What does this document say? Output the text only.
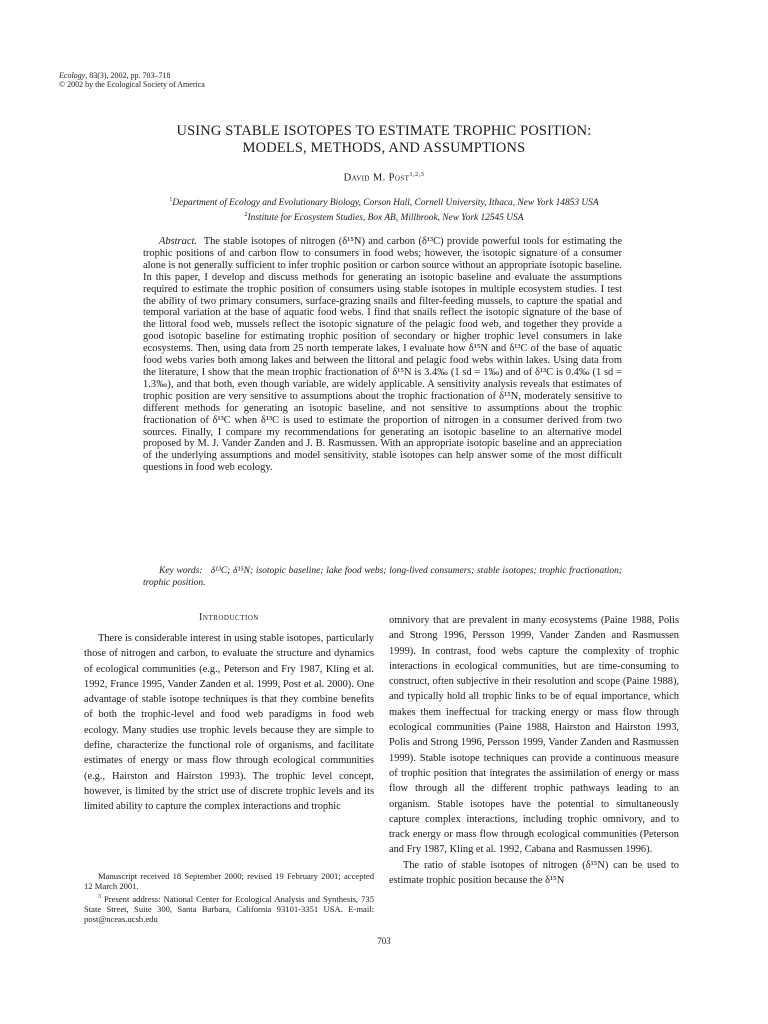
Ecology, 83(3), 2002, pp. 703–718
© 2002 by the Ecological Society of America
USING STABLE ISOTOPES TO ESTIMATE TROPHIC POSITION:
MODELS, METHODS, AND ASSUMPTIONS
David M. Post$^{1,2,3}$
$^1$Department of Ecology and Evolutionary Biology, Corson Hall, Cornell University, Ithaca, New York 14853 USA
$^2$Institute for Ecosystem Studies, Box AB, Millbrook, New York 12545 USA

Abstract. The stable isotopes of nitrogen (δ¹⁵N) and carbon (δ¹³C) provide powerful tools for estimating the trophic positions of and carbon flow to consumers in food webs; however, the isotopic signature of a consumer alone is not generally sufficient to infer trophic position or carbon source without an appropriate isotopic baseline. In this paper, I develop and discuss methods for generating an isotopic baseline and evaluate the assumptions required to estimate the trophic position of consumers using stable isotopes in multiple ecosystem studies. I test the ability of two primary consumers, surface-grazing snails and filter-feeding mussels, to capture the spatial and temporal variation at the base of aquatic food webs. I find that snails reflect the isotopic signature of the base of the littoral food web, mussels reflect the isotopic signature of the pelagic food web, and together they provide a good isotopic baseline for estimating trophic position of secondary or higher trophic level consumers in lake ecosystems. Then, using data from 25 north temperate lakes, I evaluate how δ¹⁵N and δ¹³C of the base of aquatic food webs varies both among lakes and between the littoral and pelagic food webs within lakes. Using data from the literature, I show that the mean trophic fractionation of δ¹⁵N is 3.4‰ (1 sd = 1‰) and of δ¹³C is 0.4‰ (1 sd = 1.3‰), and that both, even though variable, are widely applicable. A sensitivity analysis reveals that estimates of trophic position are very sensitive to assumptions about the trophic fractionation of δ¹⁵N, moderately sensitive to different methods for generating an isotopic baseline, and not sensitive to assumptions about the trophic fractionation of δ¹³C when δ¹³C is used to estimate the proportion of nitrogen in a consumer derived from two sources. Finally, I compare my recommendations for generating an isotopic baseline to an alternative model proposed by M. J. Vander Zanden and J. B. Rasmussen. With an appropriate isotopic baseline and an appreciation of the underlying assumptions and model sensitivity, stable isotopes can help answer some of the most difficult questions in food web ecology.

Key words: δ¹³C; δ¹⁵N; isotopic baseline; lake food webs; long-lived consumers; stable isotopes; trophic fractionation; trophic position.

Introduction

There is considerable interest in using stable isotopes, particularly those of nitrogen and carbon, to evaluate the structure and dynamics of ecological communities (e.g., Peterson and Fry 1987, Kling et al. 1992, France 1995, Vander Zanden et al. 1999, Post et al. 2000). One advantage of stable isotope techniques is that they combine benefits of both the trophic-level and food web paradigms in food web ecology. Many studies use trophic levels because they are simple to define, characterize the functional role of organisms, and facilitate estimates of energy or mass flow through ecological communities (e.g., Hairston and Hairston 1993). The trophic level concept, however, is limited by the strict use of discrete trophic levels and its limited ability to capture the complex interactions and trophic

Manuscript received 18 September 2000; revised 19 February 2001; accepted 12 March 2001.

$^3$ Present address: National Center for Ecological Analysis and Synthesis, 735 State Street, Suite 300, Santa Barbara, California 93101-3351 USA. E-mail: post@nceas.ucsb.edu

omnivory that are prevalent in many ecosystems (Paine 1988, Polis and Strong 1996, Persson 1999, Vander Zanden and Rasmussen 1999). In contrast, food webs capture the complexity of trophic interactions in ecological communities, but are time-consuming to construct, often subjective in their resolution and scope (Paine 1988), and typically hold all trophic links to be of equal importance, which makes them ineffectual for tracking energy or mass flow through ecological communities (Paine 1988, Hairston and Hairston 1993, Polis and Strong 1996, Persson 1999, Vander Zanden and Rasmussen 1999). Stable isotope techniques can provide a continuous measure of trophic position that integrates the assimilation of energy or mass flow through all the different trophic pathways leading to an organism. Stable isotopes have the potential to simultaneously capture complex interactions, including trophic omnivory, and to track energy or mass flow through ecological communities (Peterson and Fry 1987, Kling et al. 1992, Cabana and Rasmussen 1996).

The ratio of stable isotopes of nitrogen (δ¹⁵N) can be used to estimate trophic position because the δ¹⁵N

703
